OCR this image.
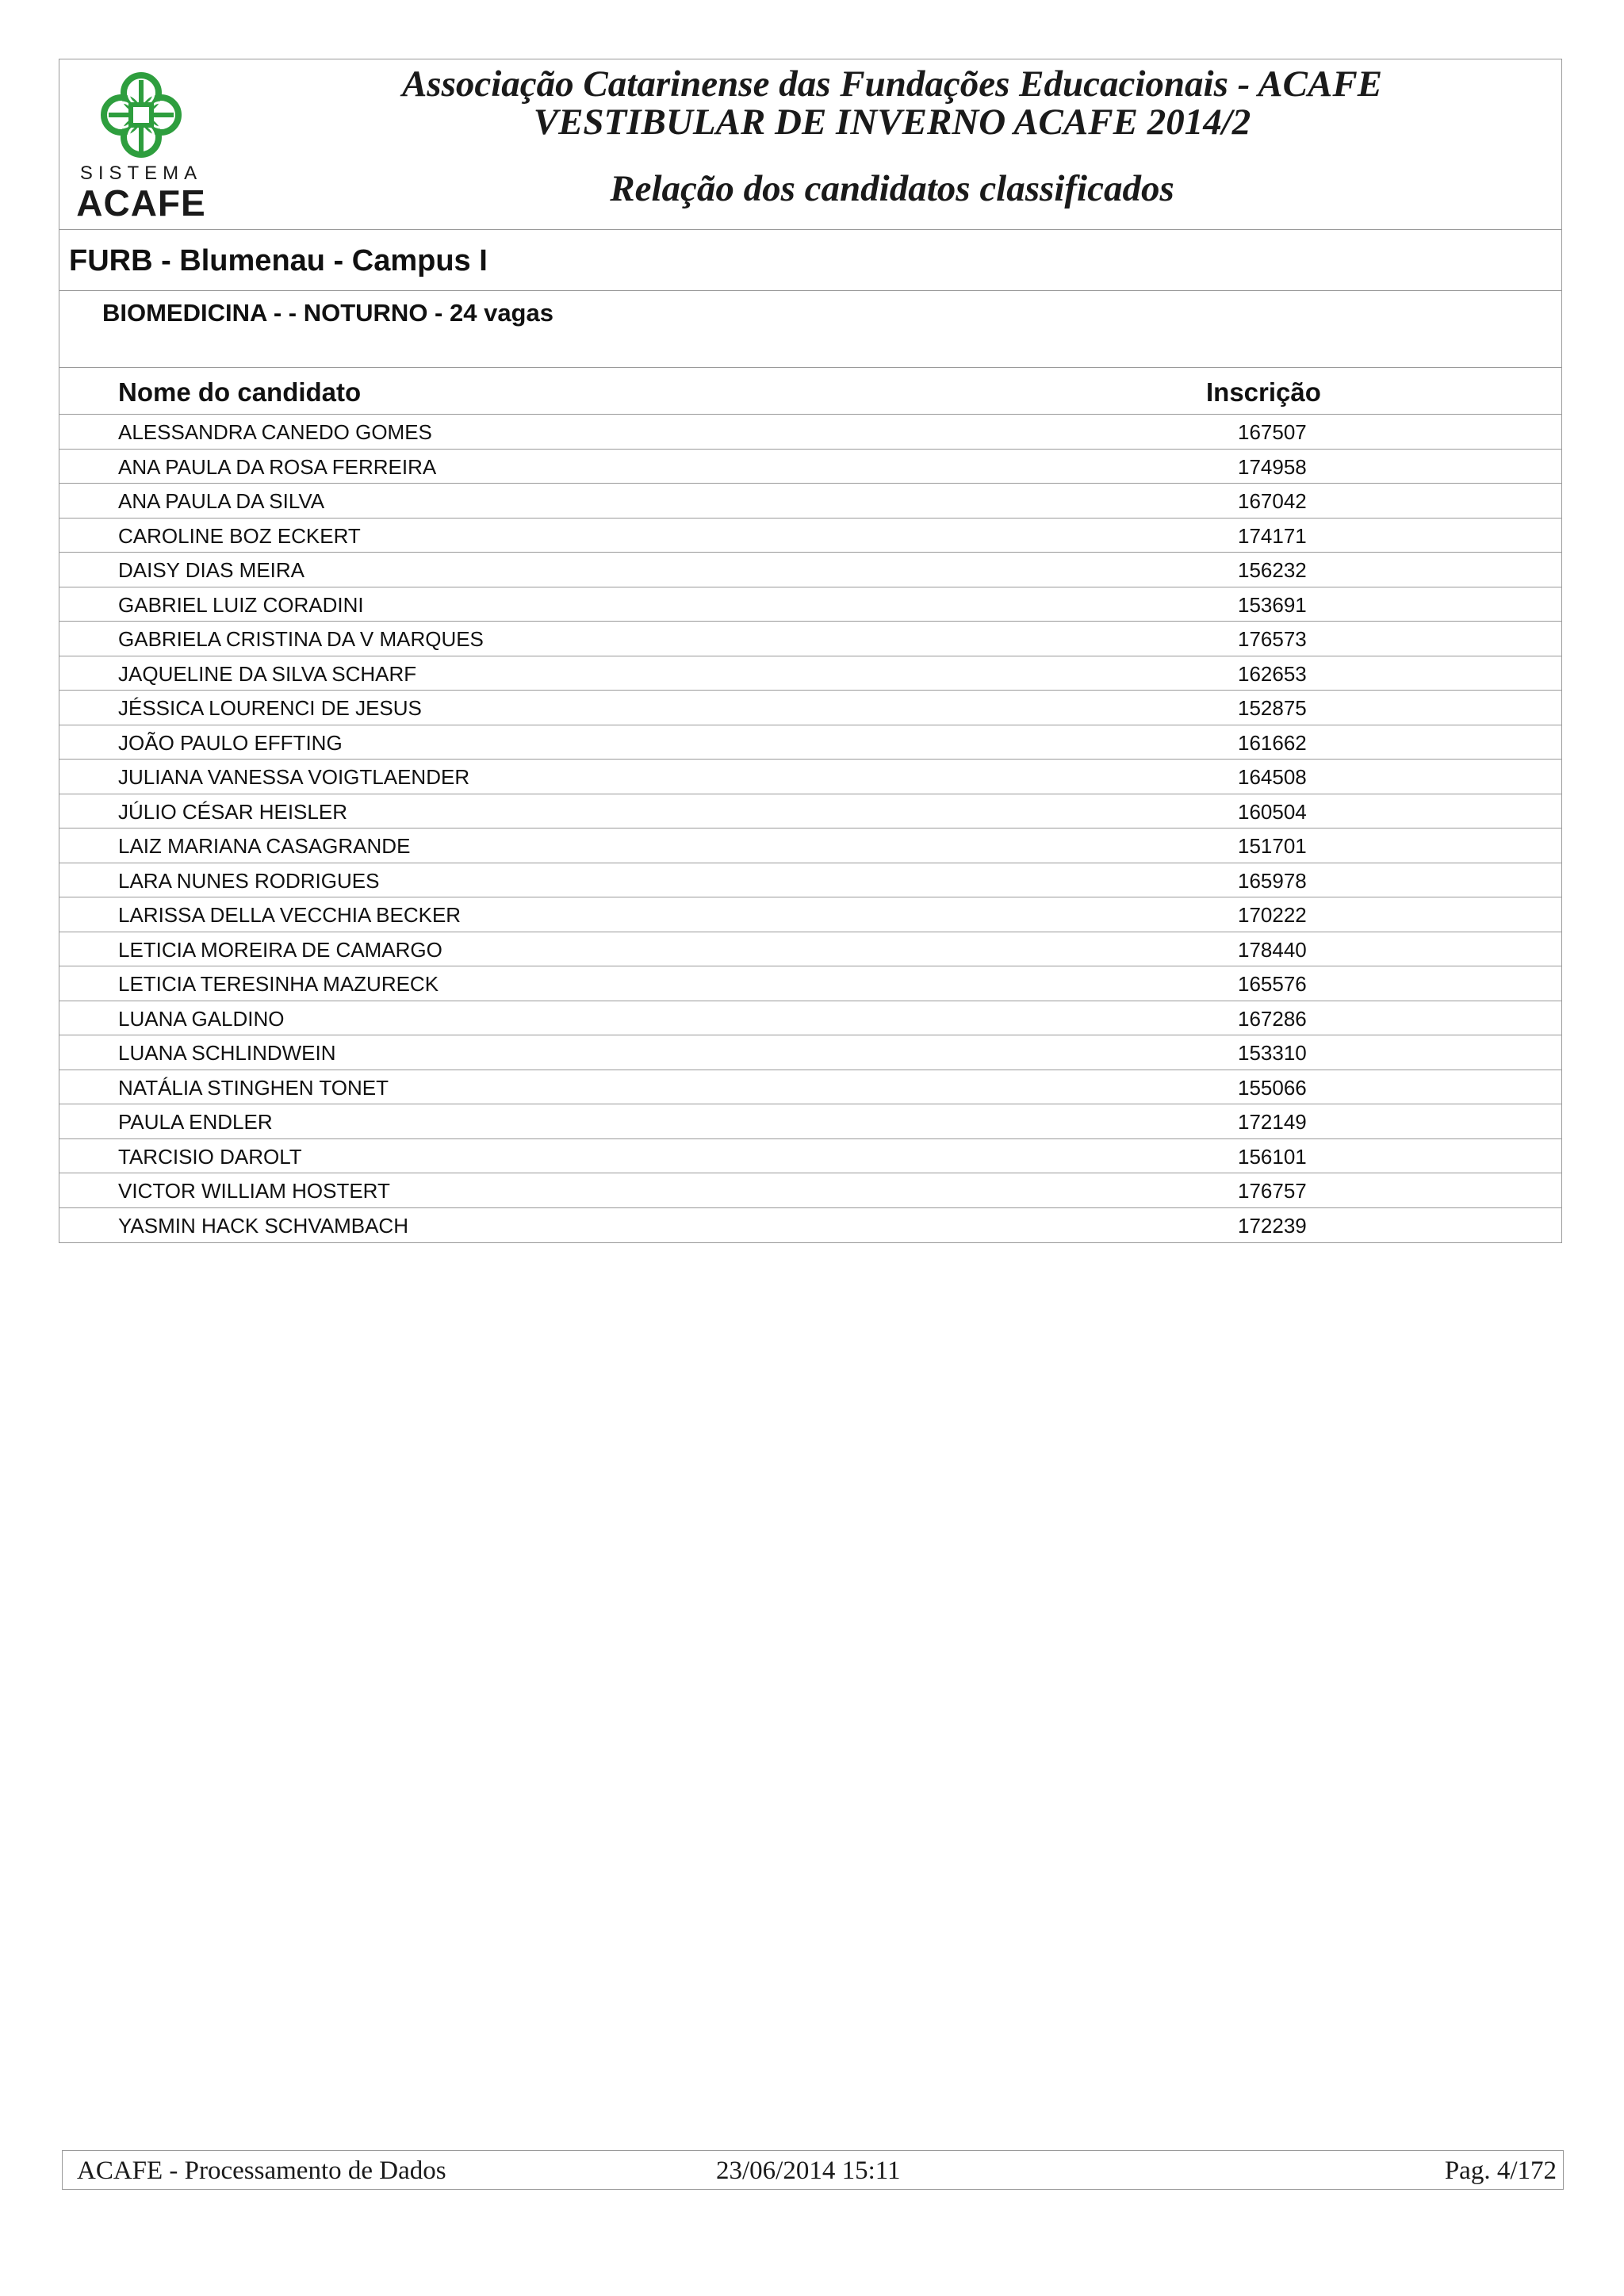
SISTEMA
ACAFE
Associação Catarinense das Fundações Educacionais - ACAFE
VESTIBULAR DE INVERNO ACAFE 2014/2
Relação dos candidatos classificados
FURB - Blumenau - Campus I
BIOMEDICINA - - NOTURNO - 24 vagas
Nome do candidato	Inscrição
ALESSANDRA CANEDO GOMES	167507
ANA PAULA DA ROSA FERREIRA	174958
ANA PAULA DA SILVA	167042
CAROLINE BOZ ECKERT	174171
DAISY DIAS MEIRA	156232
GABRIEL LUIZ CORADINI	153691
GABRIELA CRISTINA DA V MARQUES	176573
JAQUELINE DA SILVA SCHARF	162653
JÉSSICA LOURENCI DE JESUS	152875
JOÃO PAULO EFFTING	161662
JULIANA VANESSA VOIGTLAENDER	164508
JÚLIO CÉSAR HEISLER	160504
LAIZ MARIANA CASAGRANDE	151701
LARA NUNES RODRIGUES	165978
LARISSA DELLA VECCHIA BECKER	170222
LETICIA MOREIRA DE CAMARGO	178440
LETICIA TERESINHA MAZURECK	165576
LUANA GALDINO	167286
LUANA SCHLINDWEIN	153310
NATÁLIA STINGHEN TONET	155066
PAULA ENDLER	172149
TARCISIO DAROLT	156101
VICTOR WILLIAM HOSTERT	176757
YASMIN HACK SCHVAMBACH	172239
ACAFE - Processamento de Dados	23/06/2014 15:11	Pag. 4/172
